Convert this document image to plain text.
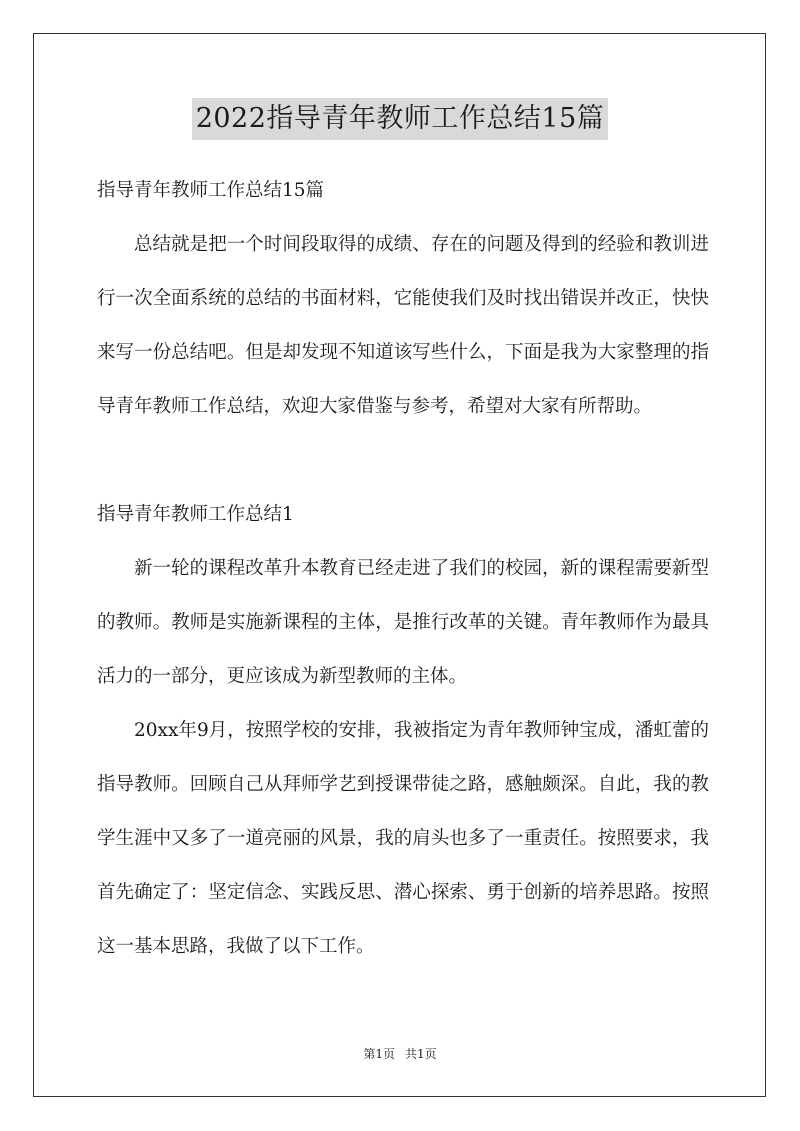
2022指导青年教师工作总结15篇

指导青年教师工作总结15篇

总结就是把一个时间段取得的成绩、存在的问题及得到的经验和教训进行一次全面系统的总结的书面材料，它能使我们及时找出错误并改正，快快来写一份总结吧。但是却发现不知道该写些什么，下面是我为大家整理的指导青年教师工作总结，欢迎大家借鉴与参考，希望对大家有所帮助。

指导青年教师工作总结1

新一轮的课程改革升本教育已经走进了我们的校园，新的课程需要新型的教师。教师是实施新课程的主体，是推行改革的关键。青年教师作为最具活力的一部分，更应该成为新型教师的主体。

20xx年9月，按照学校的安排，我被指定为青年教师钟宝成，潘虹蕾的指导教师。回顾自己从拜师学艺到授课带徒之路，感触颇深。自此，我的教学生涯中又多了一道亮丽的风景，我的肩头也多了一重责任。按照要求，我首先确定了：坚定信念、实践反思、潜心探索、勇于创新的培养思路。按照这一基本思路，我做了以下工作。

第1页 共1页
